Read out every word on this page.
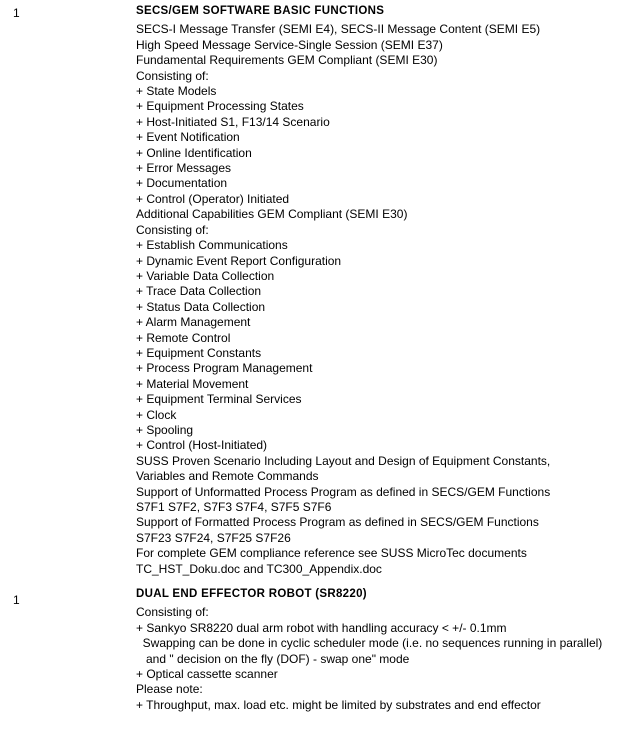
1	SECS/GEM SOFTWARE BASIC FUNCTIONS
SECS-I Message Transfer (SEMI E4), SECS-II Message Content (SEMI E5)
High Speed Message Service-Single Session (SEMI E37)
Fundamental Requirements GEM Compliant (SEMI E30)
Consisting of:
+ State Models
+ Equipment Processing States
+ Host-Initiated S1, F13/14 Scenario
+ Event Notification
+ Online Identification
+ Error Messages
+ Documentation
+ Control (Operator) Initiated
Additional Capabilities GEM Compliant (SEMI E30)
Consisting of:
+ Establish Communications
+ Dynamic Event Report Configuration
+ Variable Data Collection
+ Trace Data Collection
+ Status Data Collection
+ Alarm Management
+ Remote Control
+ Equipment Constants
+ Process Program Management
+ Material Movement
+ Equipment Terminal Services
+ Clock
+ Spooling
+ Control (Host-Initiated)
SUSS Proven Scenario Including Layout and Design of Equipment Constants,
Variables and Remote Commands
Support of Unformatted Process Program as defined in SECS/GEM Functions
S7F1 S7F2, S7F3 S7F4, S7F5 S7F6
Support of Formatted Process Program as defined in SECS/GEM Functions
S7F23 S7F24, S7F25 S7F26
For complete GEM compliance reference see SUSS MicroTec documents
TC_HST_Doku.doc and TC300_Appendix.doc
1	DUAL END EFFECTOR ROBOT (SR8220)
Consisting of:
+ Sankyo SR8220 dual arm robot with handling accuracy < +/- 0.1mm
Swapping can be done in cyclic scheduler mode (i.e. no sequences running in parallel)
and " decision on the fly (DOF) - swap one" mode
+ Optical cassette scanner
Please note:
+ Throughput, max. load etc. might be limited by substrates and end effector
